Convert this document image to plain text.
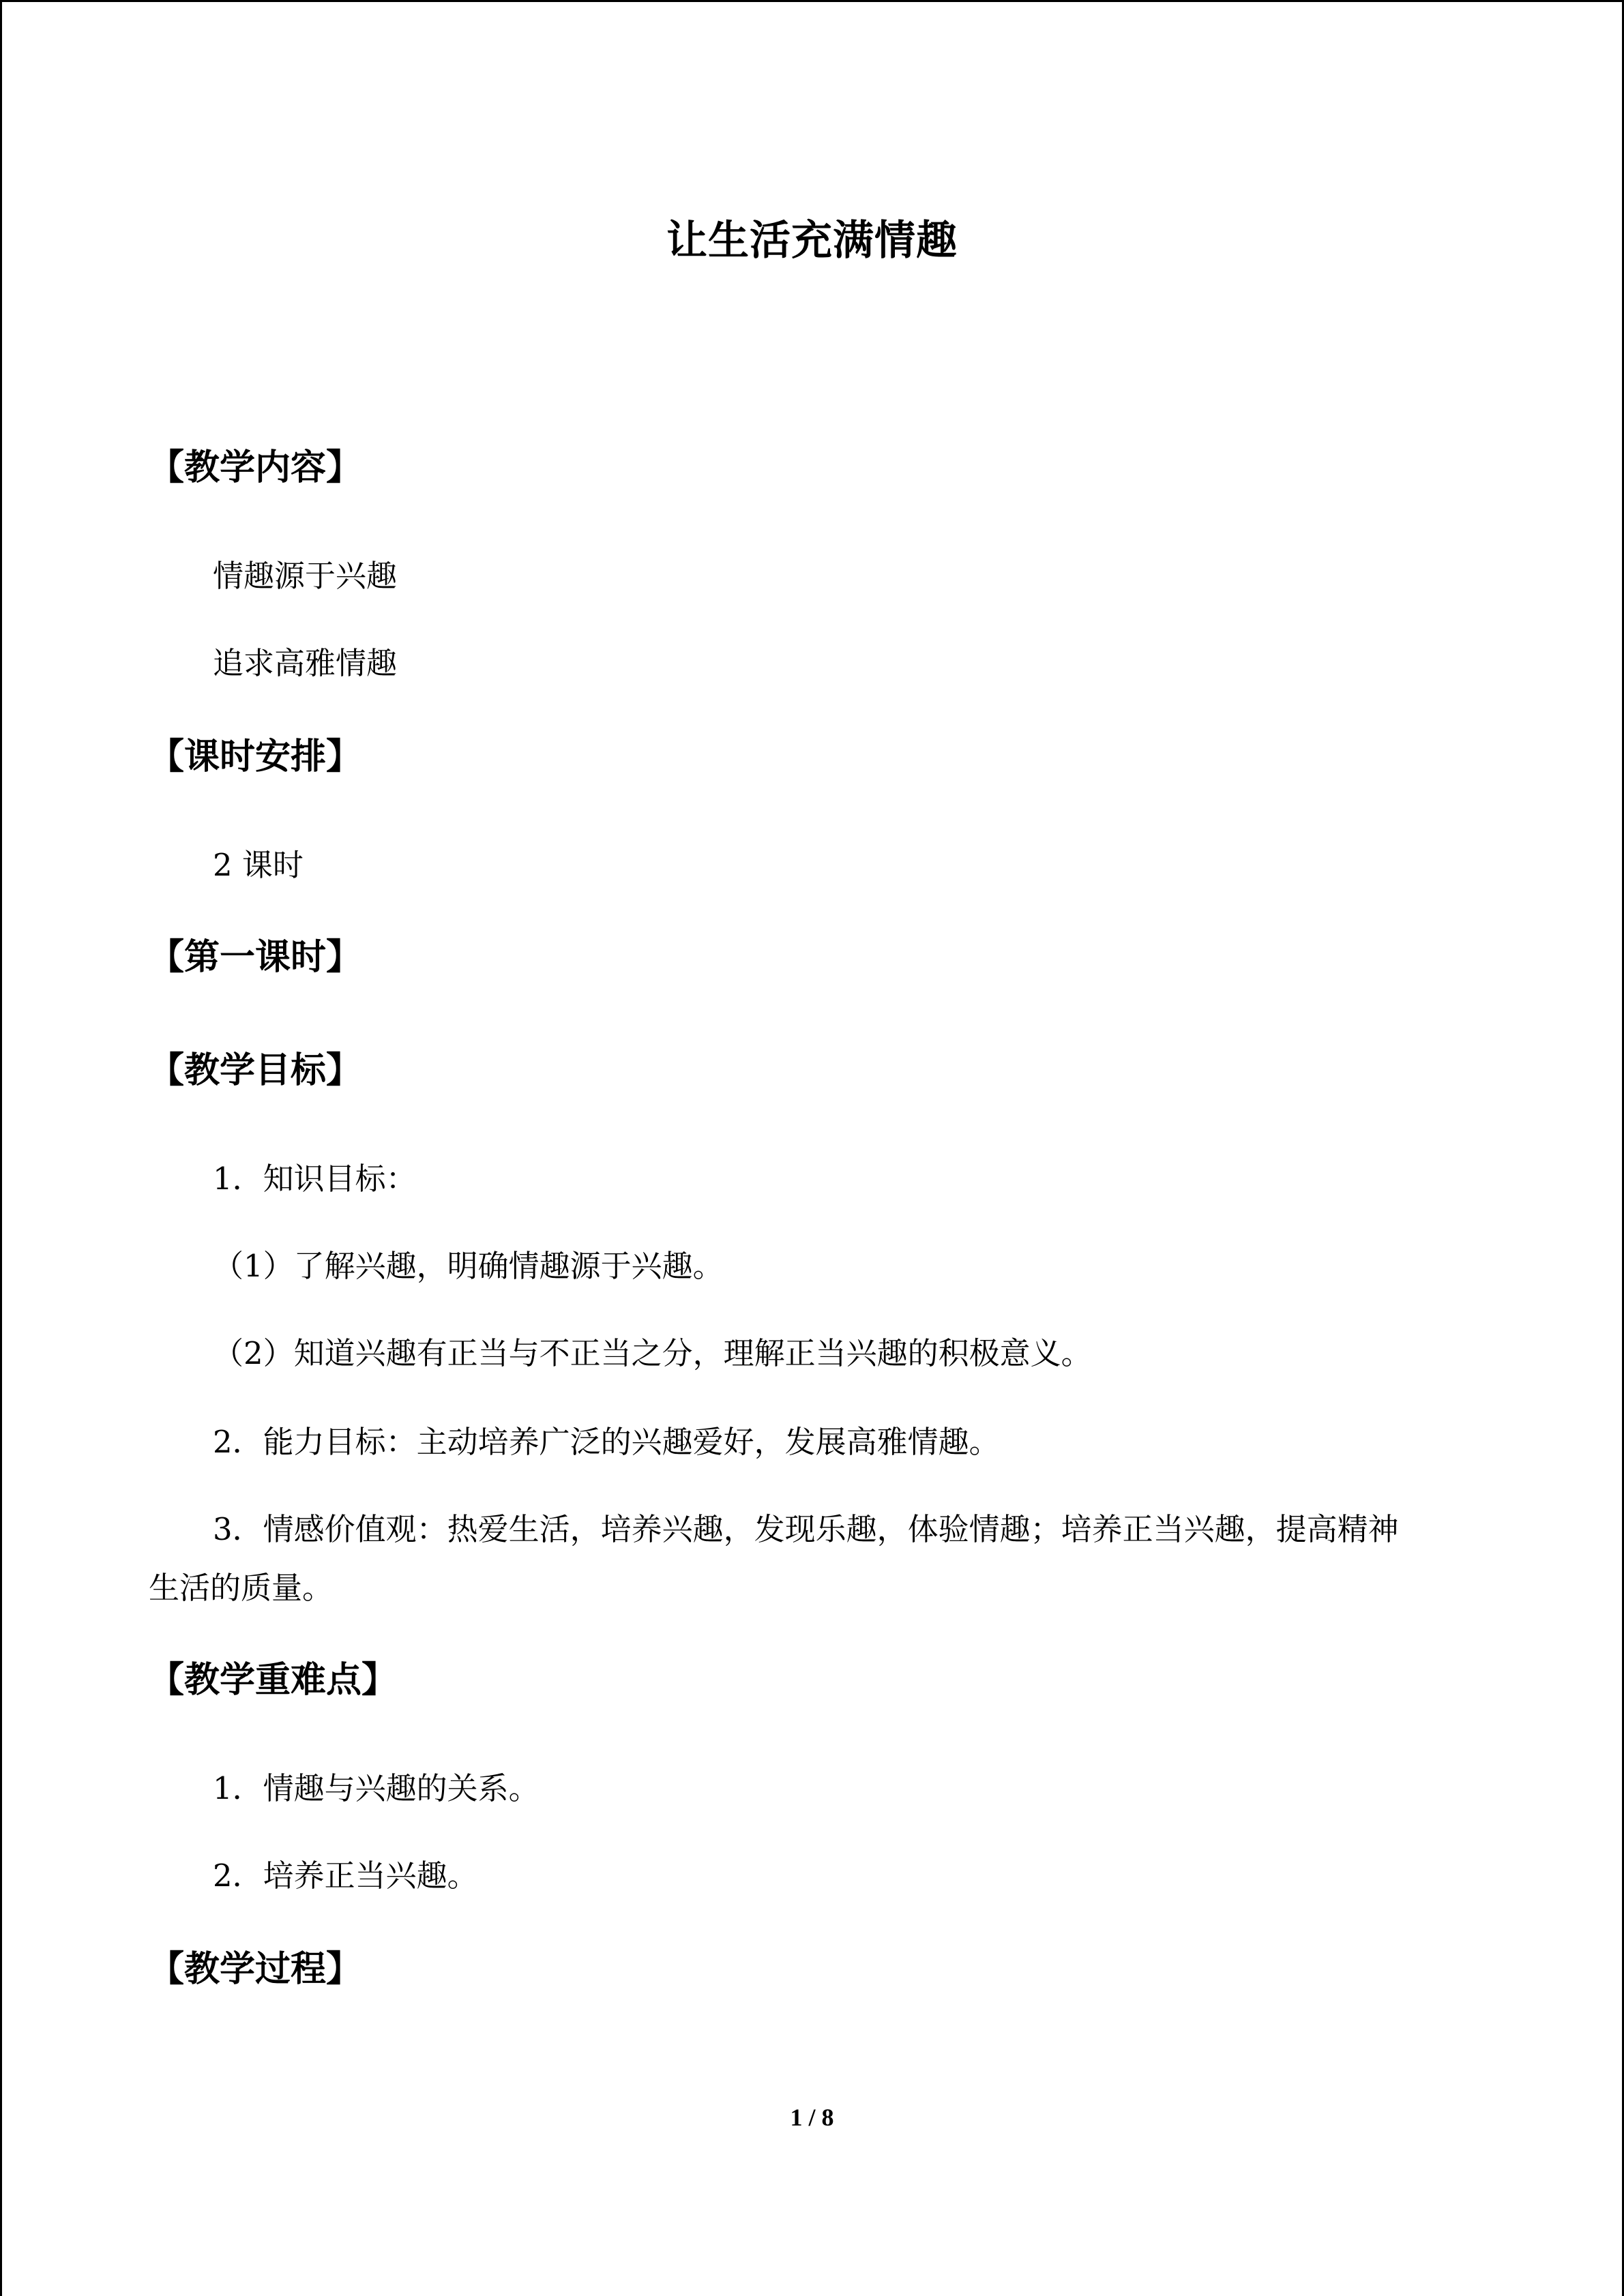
让生活充满情趣
【教学内容】
情趣源于兴趣
追求高雅情趣
【课时安排】
2 课时
【第一课时】
【教学目标】
1．知识目标：
（1）了解兴趣，明确情趣源于兴趣。
（2）知道兴趣有正当与不正当之分，理解正当兴趣的积极意义。
2．能力目标：主动培养广泛的兴趣爱好，发展高雅情趣。
3．情感价值观：热爱生活，培养兴趣，发现乐趣，体验情趣；培养正当兴趣，提高精神
生活的质量。
【教学重难点】
1．情趣与兴趣的关系。
2．培养正当兴趣。
【教学过程】
1 / 8
